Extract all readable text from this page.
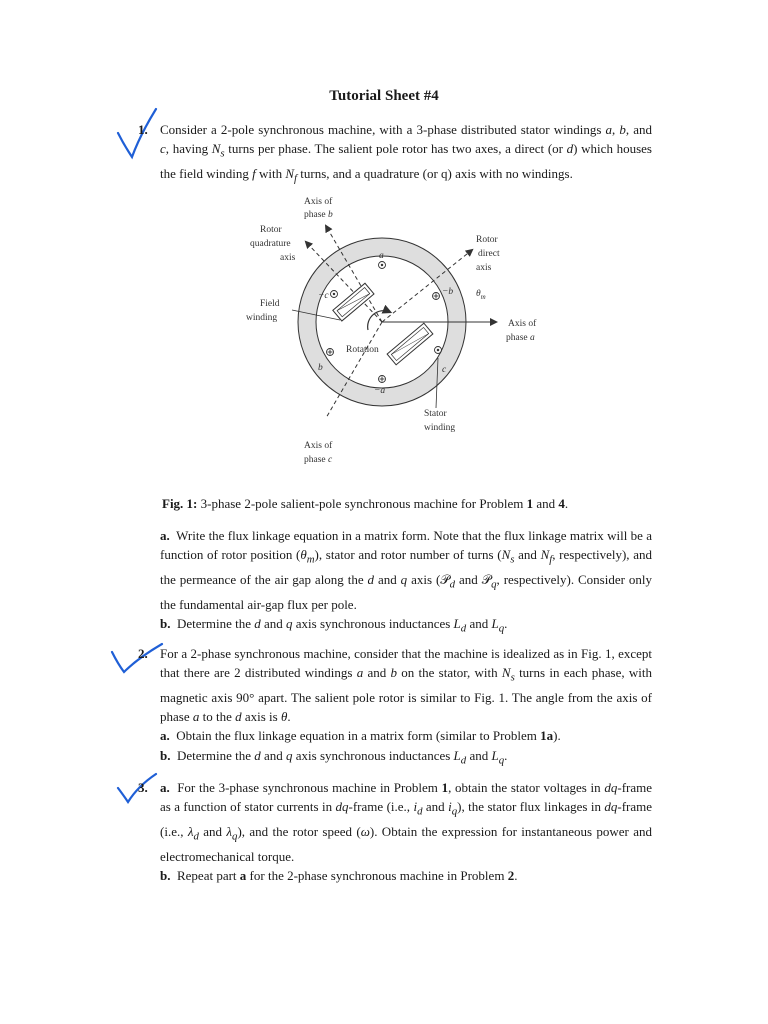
Tutorial Sheet #4
1. Consider a 2-pole synchronous machine, with a 3-phase distributed stator windings a, b, and c, having $N_s$ turns per phase. The salient pole rotor has two axes, a direct (or d) which houses the field winding f with $N_f$ turns, and a quadrature (or q) axis with no windings.
Axis of
phase b
Rotor
quadrature
axis
Rotor
direct
axis
Field
winding
Axis of
phase a
Rotation
Stator
winding
Axis of
phase c
a
−c	−b
b	c
−a
$\theta_m$
Fig. 1: 3-phase 2-pole salient-pole synchronous machine for Problem 1 and 4.
a. Write the flux linkage equation in a matrix form. Note that the flux linkage matrix will be a function of rotor position $(\theta_m)$, stator and rotor number of turns ($N_s$ and $N_f$, respectively), and the permeance of the air gap along the d and q axis (𝒫$_d$ and 𝒫$_q$, respectively). Consider only the fundamental air-gap flux per pole.
b. Determine the d and q axis synchronous inductances $L_d$ and $L_q$.
2. For a 2-phase synchronous machine, consider that the machine is idealized as in Fig. 1, except that there are 2 distributed windings a and b on the stator, with $N_s$ turns in each phase, with magnetic axis 90° apart. The salient pole rotor is similar to Fig. 1. The angle from the axis of phase a to the d axis is θ.
a. Obtain the flux linkage equation in a matrix form (similar to Problem 1a).
b. Determine the d and q axis synchronous inductances $L_d$ and $L_q$.
3. a. For the 3-phase synchronous machine in Problem 1, obtain the stator voltages in dq-frame as a function of stator currents in dq-frame (i.e., $i_d$ and $i_q$), the stator flux linkages in dq-frame (i.e., $\lambda_d$ and $\lambda_q$), and the rotor speed (ω). Obtain the expression for instantaneous power and electromechanical torque.
b. Repeat part a for the 2-phase synchronous machine in Problem 2.
